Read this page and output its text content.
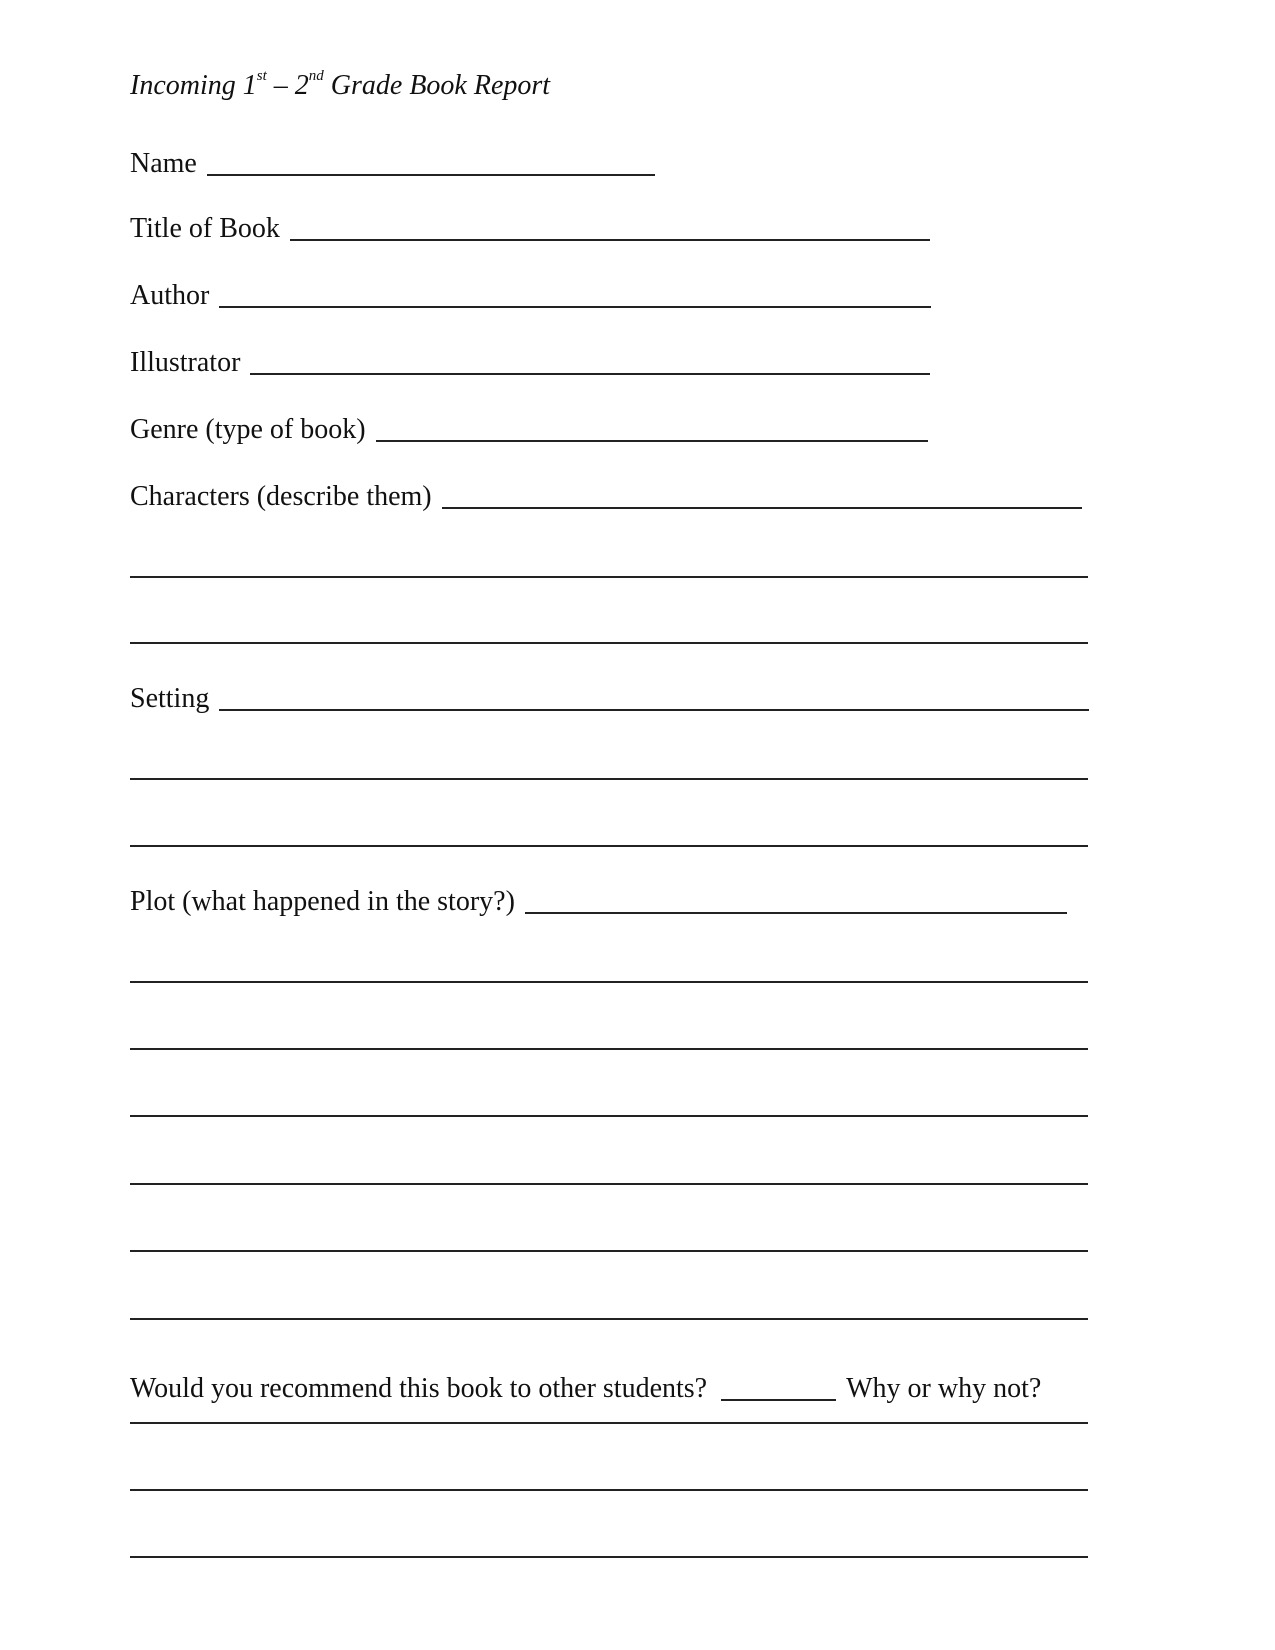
Incoming 1st – 2nd Grade Book Report
Name
Title of Book
Author
Illustrator
Genre (type of book)
Characters (describe them)
Setting
Plot (what happened in the story?)
Would you recommend this book to other students?	Why or why not?
